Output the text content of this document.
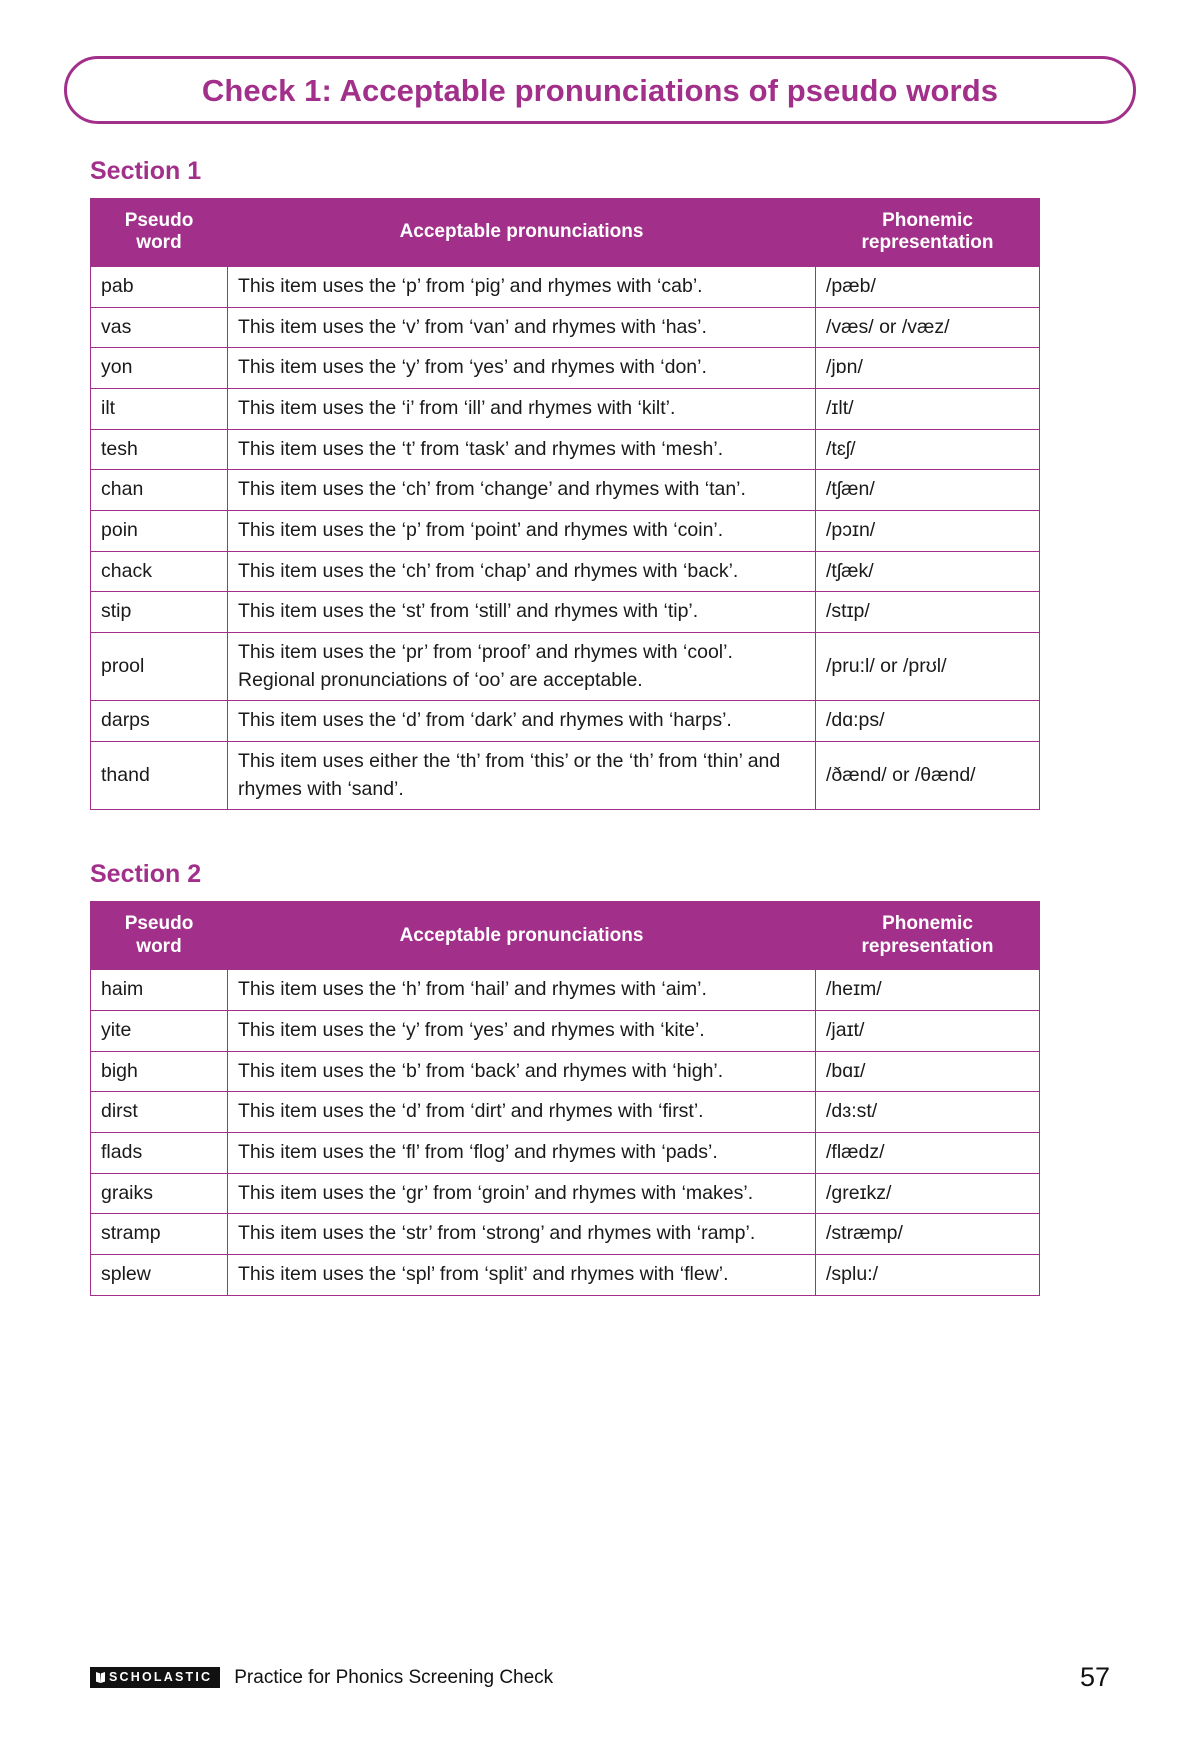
Check 1: Acceptable pronunciations of pseudo words
Section 1
Pseudo
word	Acceptable pronunciations	Phonemic
representation
pab	This item uses the ‘p’ from ‘pig’ and rhymes with ‘cab’.	/pæb/
vas	This item uses the ‘v’ from ‘van’ and rhymes with ‘has’.	/væs/ or /væz/
yon	This item uses the ‘y’ from ‘yes’ and rhymes with ‘don’.	/jɒn/
ilt	This item uses the ‘i’ from ‘ill’ and rhymes with ‘kilt’.	/ɪlt/
tesh	This item uses the ‘t’ from ‘task’ and rhymes with ‘mesh’.	/tɛʃ/
chan	This item uses the ‘ch’ from ‘change’ and rhymes with ‘tan’.	/tʃæn/
poin	This item uses the ‘p’ from ‘point’ and rhymes with ‘coin’.	/pɔɪn/
chack	This item uses the ‘ch’ from ‘chap’ and rhymes with ‘back’.	/tʃæk/
stip	This item uses the ‘st’ from ‘still’ and rhymes with ‘tip’.	/stɪp/
prool	This item uses the ‘pr’ from ‘proof’ and rhymes with ‘cool’.
Regional pronunciations of ‘oo’ are acceptable.	/pru:l/ or /prʊl/
darps	This item uses the ‘d’ from ‘dark’ and rhymes with ‘harps’.	/dɑ:ps/
thand	This item uses either the ‘th’ from ‘this’ or the ‘th’ from ‘thin’ and rhymes with ‘sand’.	/ðænd/ or /θænd/
Section 2
Pseudo
word	Acceptable pronunciations	Phonemic
representation
haim	This item uses the ‘h’ from ‘hail’ and rhymes with ‘aim’.	/heɪm/
yite	This item uses the ‘y’ from ‘yes’ and rhymes with ‘kite’.	/jaɪt/
bigh	This item uses the ‘b’ from ‘back’ and rhymes with ‘high’.	/bɑɪ/
dirst	This item uses the ‘d’ from ‘dirt’ and rhymes with ‘first’.	/dɜ:st/
flads	This item uses the ‘fl’ from ‘flog’ and rhymes with ‘pads’.	/flædz/
graiks	This item uses the ‘gr’ from ‘groin’ and rhymes with ‘makes’.	/greɪkz/
stramp	This item uses the ‘str’ from ‘strong’ and rhymes with ‘ramp’.	/stræmp/
splew	This item uses the ‘spl’ from ‘split’ and rhymes with ‘flew’.	/splu:/
SCHOLASTIC Practice for Phonics Screening Check	57
